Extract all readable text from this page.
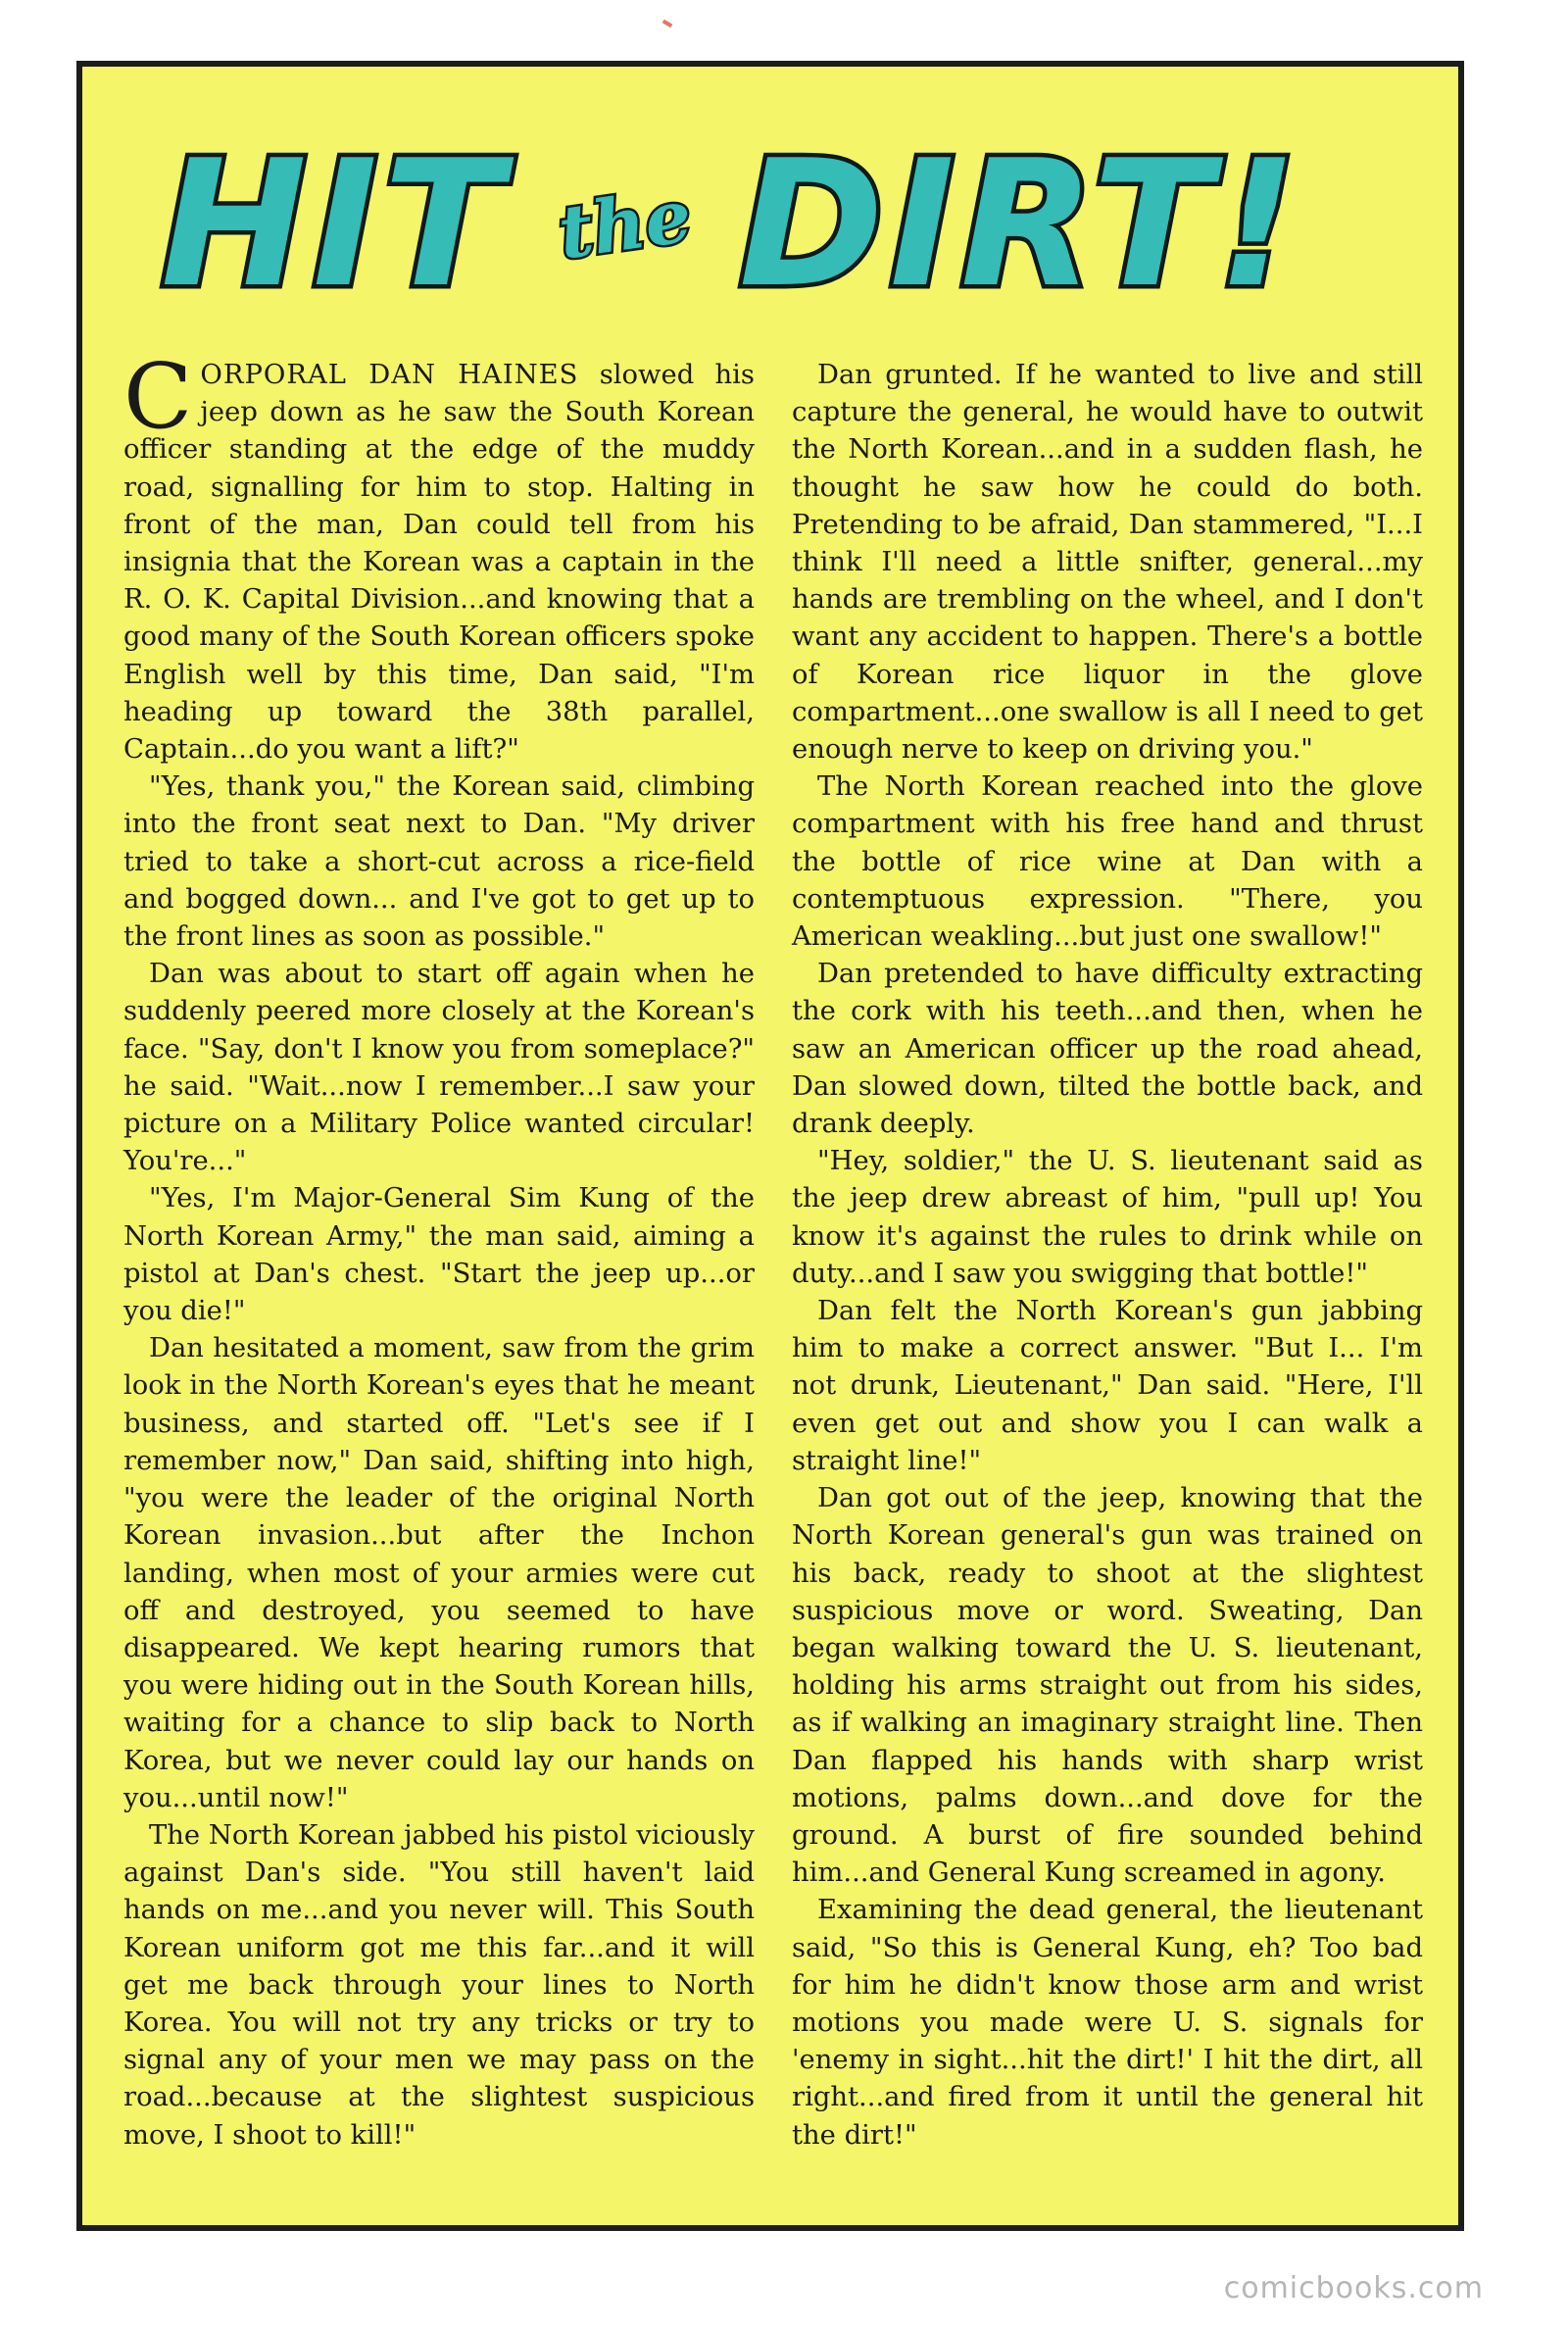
HIT the DIRT!

CORPORAL DAN HAINES slowed his jeep down as he saw the South Korean officer standing at the edge of the muddy road, signalling for him to stop. Halting in front of the man, Dan could tell from his insignia that the Korean was a captain in the R. O. K. Capital Division...and knowing that a good many of the South Korean officers spoke English well by this time, Dan said, "I'm heading up toward the 38th parallel, Captain...do you want a lift?"

"Yes, thank you," the Korean said, climbing into the front seat next to Dan. "My driver tried to take a short-cut across a rice-field and bogged down... and I've got to get up to the front lines as soon as possible."

Dan was about to start off again when he suddenly peered more closely at the Korean's face. "Say, don't I know you from someplace?" he said. "Wait...now I remember...I saw your picture on a Military Police wanted circular! You're..."

"Yes, I'm Major-General Sim Kung of the North Korean Army," the man said, aiming a pistol at Dan's chest. "Start the jeep up...or you die!"

Dan hesitated a moment, saw from the grim look in the North Korean's eyes that he meant business, and started off. "Let's see if I remember now," Dan said, shifting into high, "you were the leader of the original North Korean invasion...but after the Inchon landing, when most of your armies were cut off and destroyed, you seemed to have disappeared. We kept hearing rumors that you were hiding out in the South Korean hills, waiting for a chance to slip back to North Korea, but we never could lay our hands on you...until now!"

The North Korean jabbed his pistol viciously against Dan's side. "You still haven't laid hands on me...and you never will. This South Korean uniform got me this far...and it will get me back through your lines to North Korea. You will not try any tricks or try to signal any of your men we may pass on the road...because at the slightest suspicious move, I shoot to kill!"

Dan grunted. If he wanted to live and still capture the general, he would have to outwit the North Korean...and in a sudden flash, he thought he saw how he could do both. Pretending to be afraid, Dan stammered, "I...I think I'll need a little snifter, general...my hands are trembling on the wheel, and I don't want any accident to happen. There's a bottle of Korean rice liquor in the glove compartment...one swallow is all I need to get enough nerve to keep on driving you."

The North Korean reached into the glove compartment with his free hand and thrust the bottle of rice wine at Dan with a contemptuous expression. "There, you American weakling...but just one swallow!"

Dan pretended to have difficulty extracting the cork with his teeth...and then, when he saw an American officer up the road ahead, Dan slowed down, tilted the bottle back, and drank deeply.

"Hey, soldier," the U. S. lieutenant said as the jeep drew abreast of him, "pull up! You know it's against the rules to drink while on duty...and I saw you swigging that bottle!"

Dan felt the North Korean's gun jabbing him to make a correct answer. "But I... I'm not drunk, Lieutenant," Dan said. "Here, I'll even get out and show you I can walk a straight line!"

Dan got out of the jeep, knowing that the North Korean general's gun was trained on his back, ready to shoot at the slightest suspicious move or word. Sweating, Dan began walking toward the U. S. lieutenant, holding his arms straight out from his sides, as if walking an imaginary straight line. Then Dan flapped his hands with sharp wrist motions, palms down...and dove for the ground. A burst of fire sounded behind him...and General Kung screamed in agony.

Examining the dead general, the lieutenant said, "So this is General Kung, eh? Too bad for him he didn't know those arm and wrist motions you made were U. S. signals for 'enemy in sight...hit the dirt!' I hit the dirt, all right...and fired from it until the general hit the dirt!"

comicbooks.com
